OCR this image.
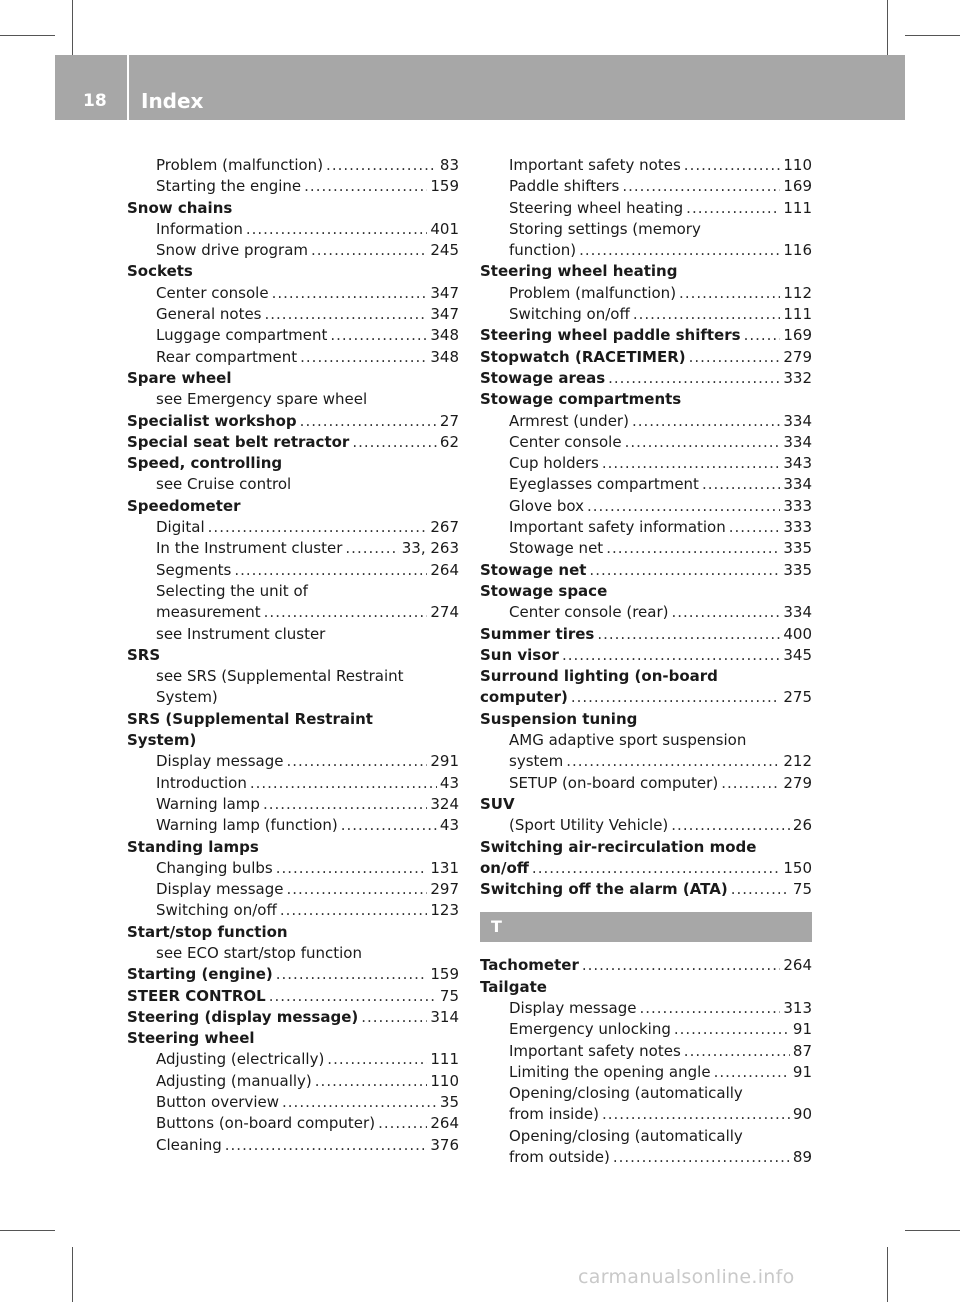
18 Index
Problem (malfunction) .....	83
Starting the engine .....	159
Snow chains
Information .....	401
Snow drive program .....	245
Sockets
Center console .....	347
General notes .....	347
Luggage compartment .....	348
Rear compartment .....	348
Spare wheel
see Emergency spare wheel
Specialist workshop .....	27
Special seat belt retractor .....	62
Speed, controlling
see Cruise control
Speedometer
Digital .....	267
In the Instrument cluster .....	33, 263
Segments .....	264
Selecting the unit of
measurement .....	274
see Instrument cluster
SRS
see SRS (Supplemental Restraint
System)
SRS (Supplemental Restraint
System)
Display message .....	291
Introduction .....	43
Warning lamp .....	324
Warning lamp (function) .....	43
Standing lamps
Changing bulbs .....	131
Display message .....	297
Switching on/off .....	123
Start/stop function
see ECO start/stop function
Starting (engine) .....	159
STEER CONTROL .....	75
Steering (display message) .....	314
Steering wheel
Adjusting (electrically) .....	111
Adjusting (manually) .....	110
Button overview .....	35
Buttons (on-board computer) .....	264
Cleaning .....	376
Important safety notes .....	110
Paddle shifters .....	169
Steering wheel heating .....	111
Storing settings (memory
function) .....	116
Steering wheel heating
Problem (malfunction) .....	112
Switching on/off .....	111
Steering wheel paddle shifters .....	169
Stopwatch (RACETIMER) .....	279
Stowage areas .....	332
Stowage compartments
Armrest (under) .....	334
Center console .....	334
Cup holders .....	343
Eyeglasses compartment .....	334
Glove box .....	333
Important safety information .....	333
Stowage net .....	335
Stowage net .....	335
Stowage space
Center console (rear) .....	334
Summer tires .....	400
Sun visor .....	345
Surround lighting (on-board
computer) .....	275
Suspension tuning
AMG adaptive sport suspension
system .....	212
SETUP (on-board computer) .....	279
SUV
(Sport Utility Vehicle) .....	26
Switching air-recirculation mode
on/off .....	150
Switching off the alarm (ATA) .....	75
T
Tachometer .....	264
Tailgate
Display message .....	313
Emergency unlocking .....	91
Important safety notes .....	87
Limiting the opening angle .....	91
Opening/closing (automatically
from inside) .....	90
Opening/closing (automatically
from outside) .....	89
carmanualsonline.info
